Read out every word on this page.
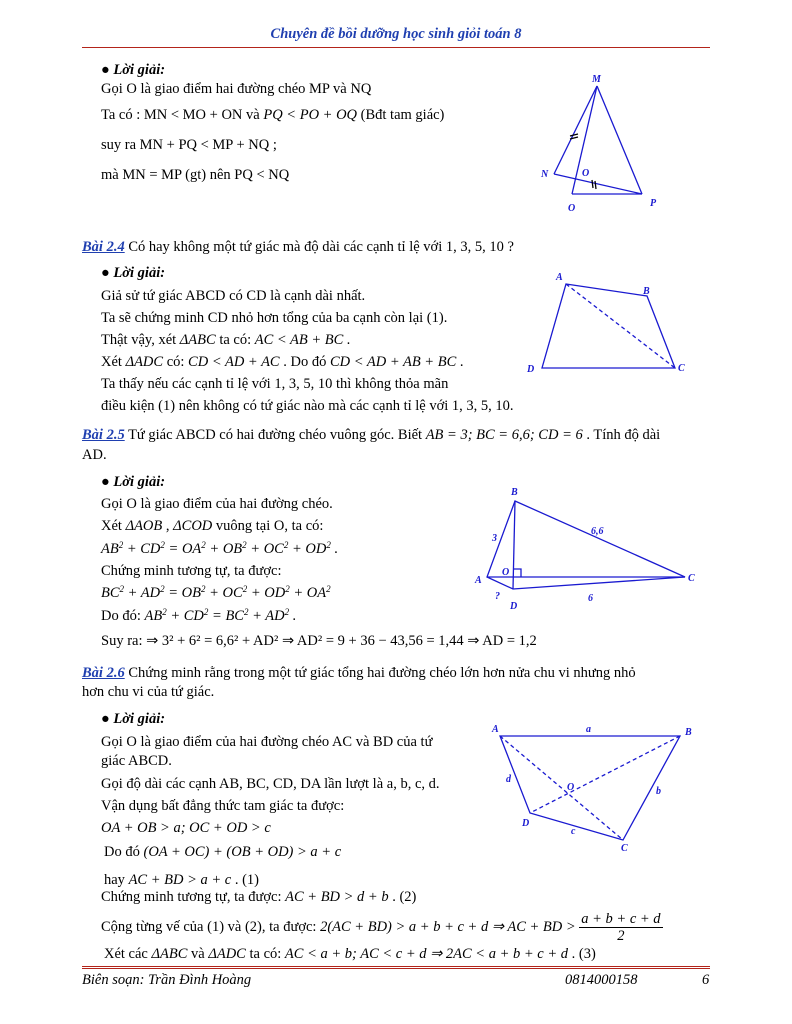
Chuyên đề bồi dưỡng học sinh giỏi toán 8
● Lời giải:
Gọi O là giao điểm hai đường chéo MP và NQ
Ta có : MN < MO + ON và PQ < PO + OQ (Bđt tam giác)
suy ra MN + PQ < MP + NQ ;
mà MN = MP (gt) nên PQ < NQ
M
N	O
O	P
Bài 2.4 Có hay không một tứ giác mà độ dài các cạnh tỉ lệ với 1, 3, 5, 10 ?
● Lời giải:
Giả sử tứ giác ABCD có CD là cạnh dài nhất.
Ta sẽ chứng minh CD nhỏ hơn tổng của ba cạnh còn lại (1).
Thật vậy, xét ΔABC ta có: AC < AB + BC .
Xét ΔADC có: CD < AD + AC . Do đó CD < AD + AB + BC .
Ta thấy nếu các cạnh tỉ lệ với 1, 3, 5, 10 thì không thỏa mãn
điều kiện (1) nên không có tứ giác nào mà các cạnh tỉ lệ với 1, 3, 5, 10.
A
B
C
D
Bài 2.5 Tứ giác ABCD có hai đường chéo vuông góc. Biết AB = 3; BC = 6,6; CD = 6 . Tính độ dài
AD.
● Lời giải:
Gọi O là giao điểm của hai đường chéo.
Xét ΔAOB , ΔCOD vuông tại O, ta có:
$AB^2 + CD^2 = OA^2 + OB^2 + OC^2 + OD^2$ .
Chứng minh tương tự, ta được:
$BC^2 + AD^2 = OB^2 + OC^2 + OD^2 + OA^2$
Do đó: $AB^2 + CD^2 = BC^2 + AD^2$ .
Suy ra: ⇒ 3² + 6² = 6,6² + AD² ⇒ AD² = 9 + 36 − 43,56 = 1,44 ⇒ AD = 1,2
B
A
O
C
D
3
6,6
6
?
Bài 2.6 Chứng minh rằng trong một tứ giác tổng hai đường chéo lớn hơn nửa chu vi nhưng nhỏ
hơn chu vi của tứ giác.
● Lời giải:
Gọi O là giao điểm của hai đường chéo AC và BD của tứ
giác ABCD.
Gọi độ dài các cạnh AB, BC, CD, DA lần lượt là a, b, c, d.
Vận dụng bất đẳng thức tam giác ta được:
OA + OB > a; OC + OD > c
Do đó (OA + OC) + (OB + OD) > a + c
hay AC + BD > a + c . (1)
Chứng minh tương tự, ta được: AC + BD > d + b . (2)
Cộng từng vế của (1) và (2), ta được: 2(AC + BD) > a + b + c + d ⇒ AC + BD > $\frac{a + b + c + d}{2}$
Xét các ΔABC và ΔADC ta có: AC < a + b; AC < c + d ⇒ 2AC < a + b + c + d . (3)
A	B
C
D
O
a
b
c
d
Biên soạn: Trần Đình Hoàng	0814000158	6
